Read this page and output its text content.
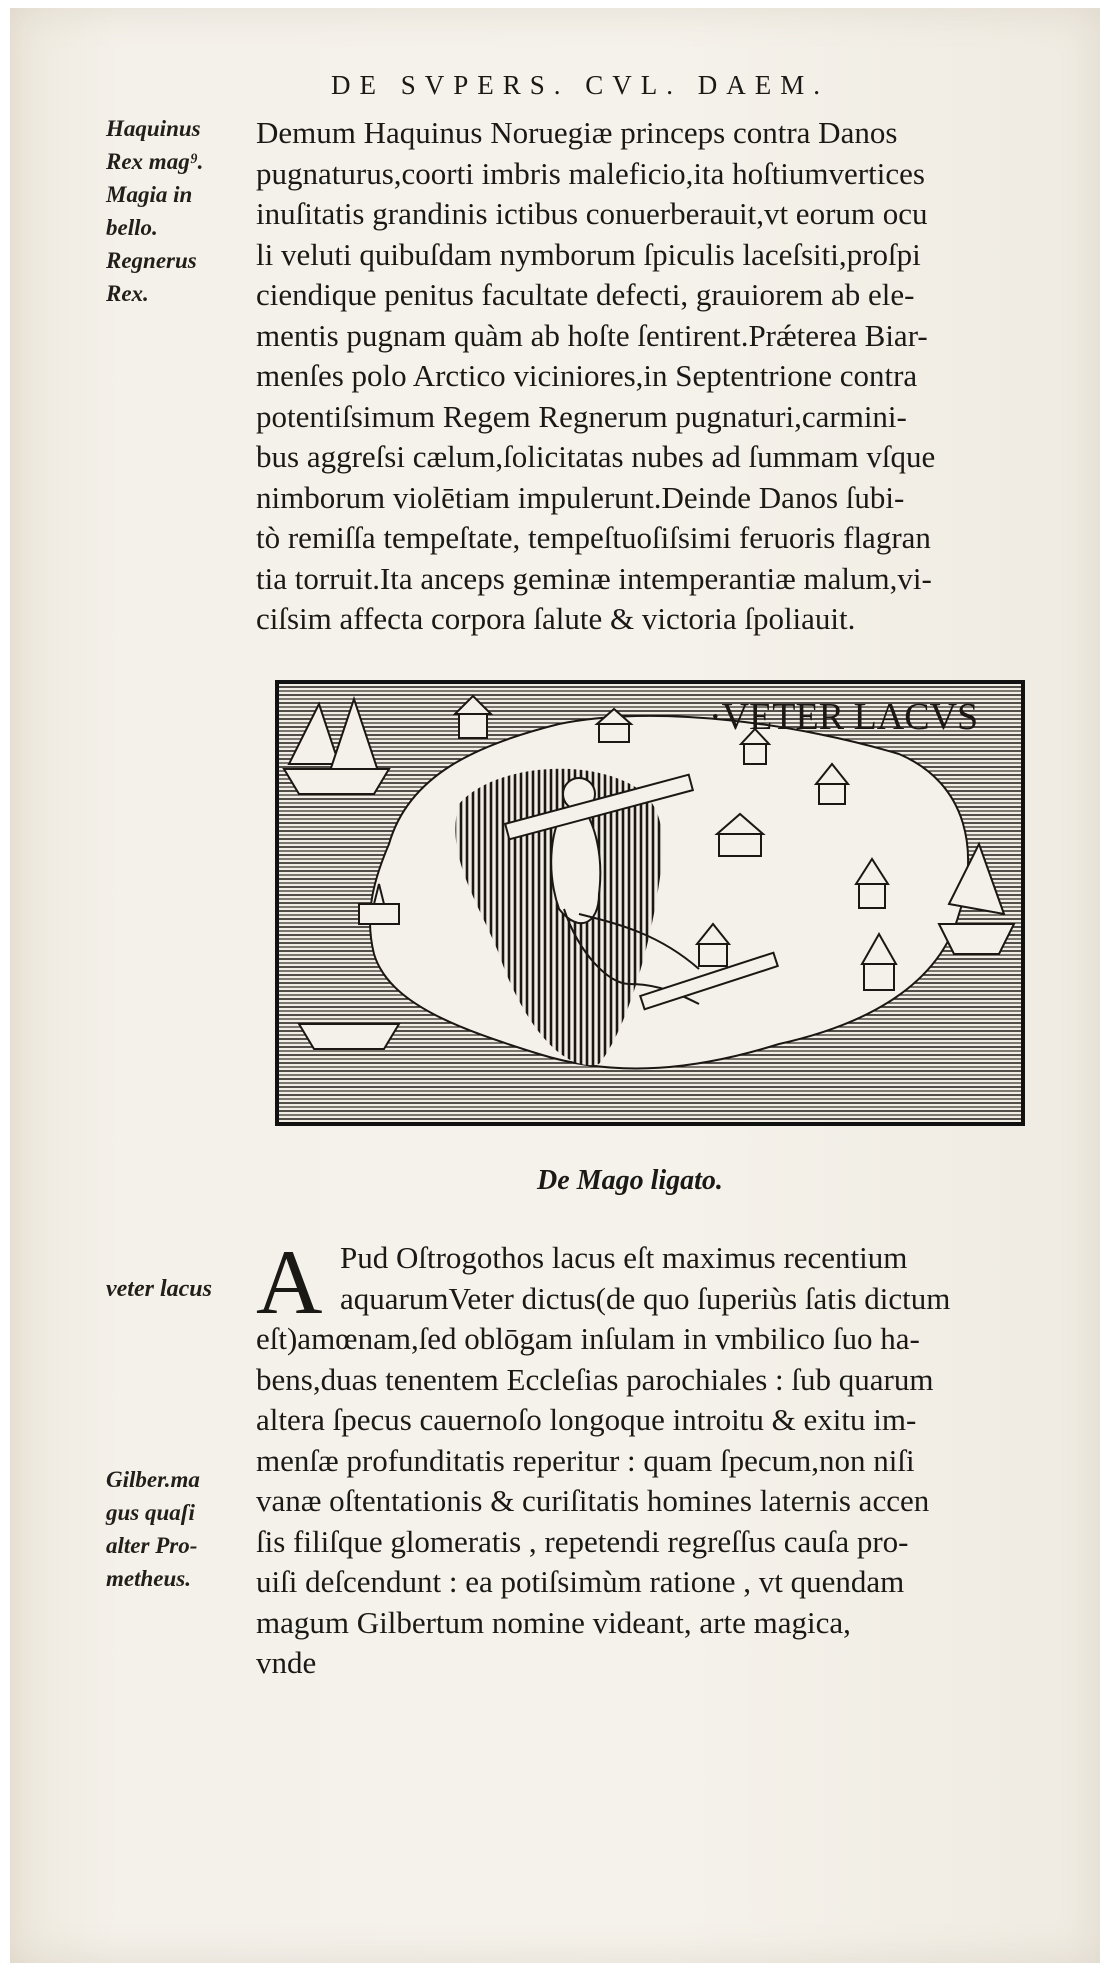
DE SVPERS. CVL. DAEM.
Haquinus
Rex mag⁹.
Magia in
bello.
Regnerus
Rex.
Demum Haquinus Noruegiæ princeps contra Danos
pugnaturus,coorti imbris maleficio,ita hoſtiumvertices
inuſitatis grandinis ictibus conuerberauit,vt eorum ocu
li veluti quibuſdam nymborum ſpiculis laceſsiti,proſpi
ciendique penitus facultate defecti, grauiorem ab ele-
mentis pugnam quàm ab hoſte ſentirent.Prǽterea Biar-
menſes polo Arctico viciniores,in Septentrione contra
potentiſsimum Regem Regnerum pugnaturi,carmini-
bus aggreſsi cælum,ſolicitatas nubes ad ſummam vſque
nimborum violētiam impulerunt.Deinde Danos ſubi-
tò remiſſa tempeſtate, tempeſtuoſiſsimi feruoris flagran
tia torruit.Ita anceps geminæ intemperantiæ malum,vi-
ciſsim affecta corpora ſalute & victoria ſpoliauit.
·VETER LACVS
De Mago ligato.
A
veter lacus
Pud Oſtrogothos lacus eſt maximus recentium
aquarumVeter dictus(de quo ſuperiùs ſatis dictum
eſt)amœnam,ſed oblōgam inſulam in vmbilico ſuo ha-
bens,duas tenentem Eccleſias parochiales : ſub quarum
altera ſpecus cauernoſo longoque introitu & exitu im-
menſæ profunditatis reperitur : quam ſpecum,non niſi
vanæ oſtentationis & curiſitatis homines laternis accen
ſis filiſque glomeratis , repetendi regreſſus cauſa pro-
uiſi deſcendunt : ea potiſsimùm ratione , vt quendam
magum Gilbertum nomine videant, arte magica,
vnde
Gilber.ma
gus quaſi
alter Pro-
metheus.
